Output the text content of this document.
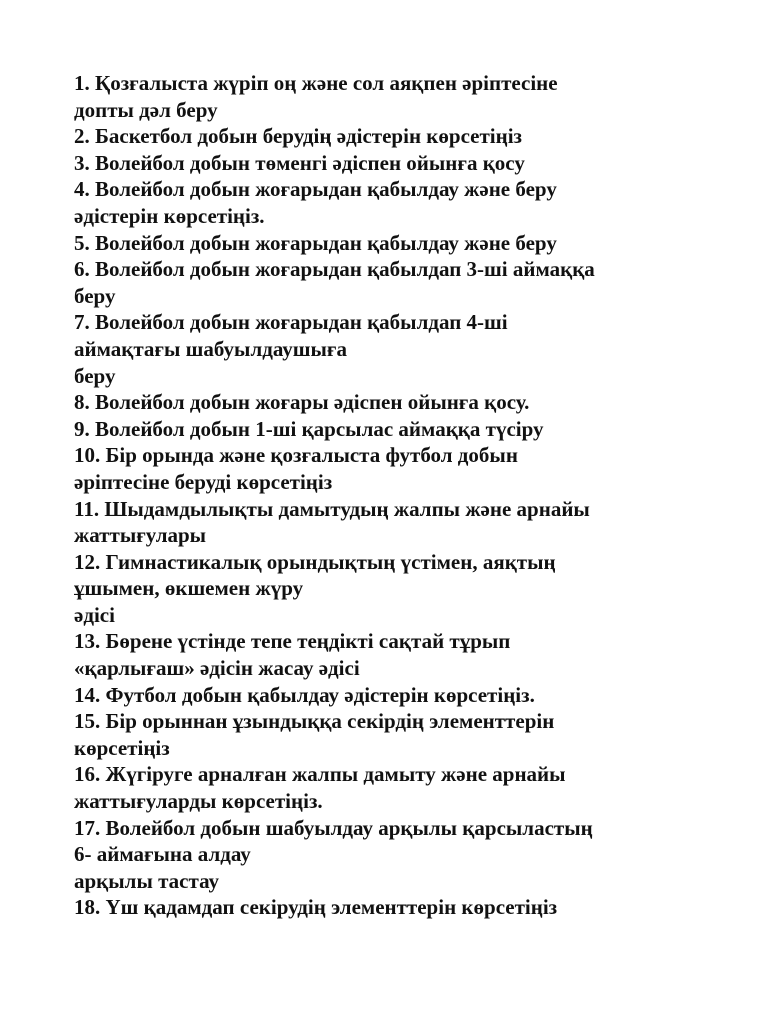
1. Қозғалыста жүріп оң және сол аяқпен әріптесіне
допты дәл беру
2. Баскетбол добын берудің әдістерін көрсетіңіз
3. Волейбол добын төменгі әдіспен ойынға қосу
4. Волейбол добын жоғарыдан қабылдау және беру
әдістерін көрсетіңіз.
5. Волейбол добын жоғарыдан қабылдау және беру
6. Волейбол добын жоғарыдан қабылдап 3-ші аймаққа
беру
7. Волейбол добын жоғарыдан қабылдап 4-ші
аймақтағы шабуылдаушыға
беру
8. Волейбол добын жоғары әдіспен ойынға қосу.
9. Волейбол добын 1-ші қарсылас аймаққа түсіру
10. Бір орында және қозғалыста футбол добын
әріптесіне беруді көрсетіңіз
11. Шыдамдылықты дамытудың жалпы және арнайы
жаттығулары
12. Гимнастикалық орындықтың үстімен, аяқтың
ұшымен, өкшемен жүру
әдісі
13. Бөрене үстінде тепе теңдікті сақтай тұрып
«қарлығаш» әдісін жасау әдісі
14. Футбол добын қабылдау әдістерін көрсетіңіз.
15. Бір орыннан ұзындыққа секірдің элементтерін
көрсетіңіз
16. Жүгіруге арналған жалпы дамыту және арнайы
жаттығуларды көрсетіңіз.
17. Волейбол добын шабуылдау арқылы қарсыластың
6- аймағына алдау
арқылы тастау
18. Үш қадамдап секірудің элементтерін көрсетіңіз
